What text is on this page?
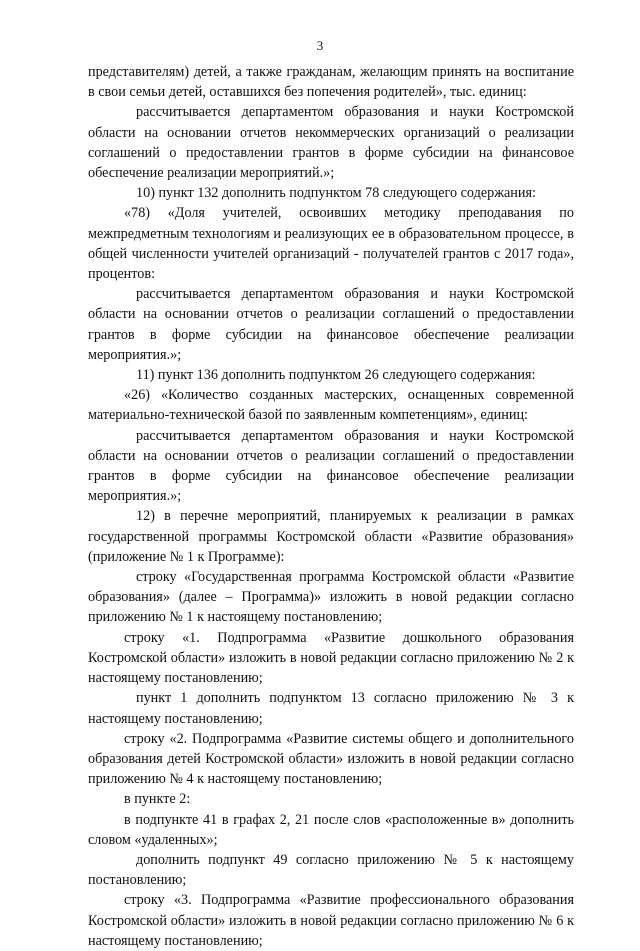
3

представителям) детей, а также гражданам, желающим принять на воспитание в свои семьи детей, оставшихся без попечения родителей», тыс. единиц:

рассчитывается департаментом образования и науки Костромской области на основании отчетов некоммерческих организаций о реализации соглашений о предоставлении грантов в форме субсидии на финансовое обеспечение реализации мероприятий.»;

10) пункт 132 дополнить подпунктом 78 следующего содержания:

«78) «Доля учителей, освоивших методику преподавания по межпредметным технологиям и реализующих ее в образовательном процессе, в общей численности учителей организаций - получателей грантов с 2017 года», процентов:

рассчитывается департаментом образования и науки Костромской области на основании отчетов о реализации соглашений о предоставлении грантов в форме субсидии на финансовое обеспечение реализации мероприятия.»;

11) пункт 136 дополнить подпунктом 26 следующего содержания:

«26) «Количество созданных мастерских, оснащенных современной материально-технической базой по заявленным компетенциям», единиц:

рассчитывается департаментом образования и науки Костромской области на основании отчетов о реализации соглашений о предоставлении грантов в форме субсидии на финансовое обеспечение реализации мероприятия.»;

12) в перечне мероприятий, планируемых к реализации в рамках государственной программы Костромской области «Развитие образования» (приложение № 1 к Программе):

строку «Государственная программа Костромской области «Развитие образования» (далее – Программа)» изложить в новой редакции согласно приложению № 1 к настоящему постановлению;

строку «1. Подпрограмма «Развитие дошкольного образования Костромской области» изложить в новой редакции согласно приложению № 2 к настоящему постановлению;

пункт 1 дополнить подпунктом 13 согласно приложению № 3 к настоящему постановлению;

строку «2. Подпрограмма «Развитие системы общего и дополнительного образования детей Костромской области» изложить в новой редакции согласно приложению № 4 к настоящему постановлению;

в пункте 2:

в подпункте 41 в графах 2, 21 после слов «расположенные в» дополнить словом «удаленных»;

дополнить подпункт 49 согласно приложению № 5 к настоящему постановлению;

строку «3. Подпрограмма «Развитие профессионального образования Костромской области» изложить в новой редакции согласно приложению № 6 к настоящему постановлению;
